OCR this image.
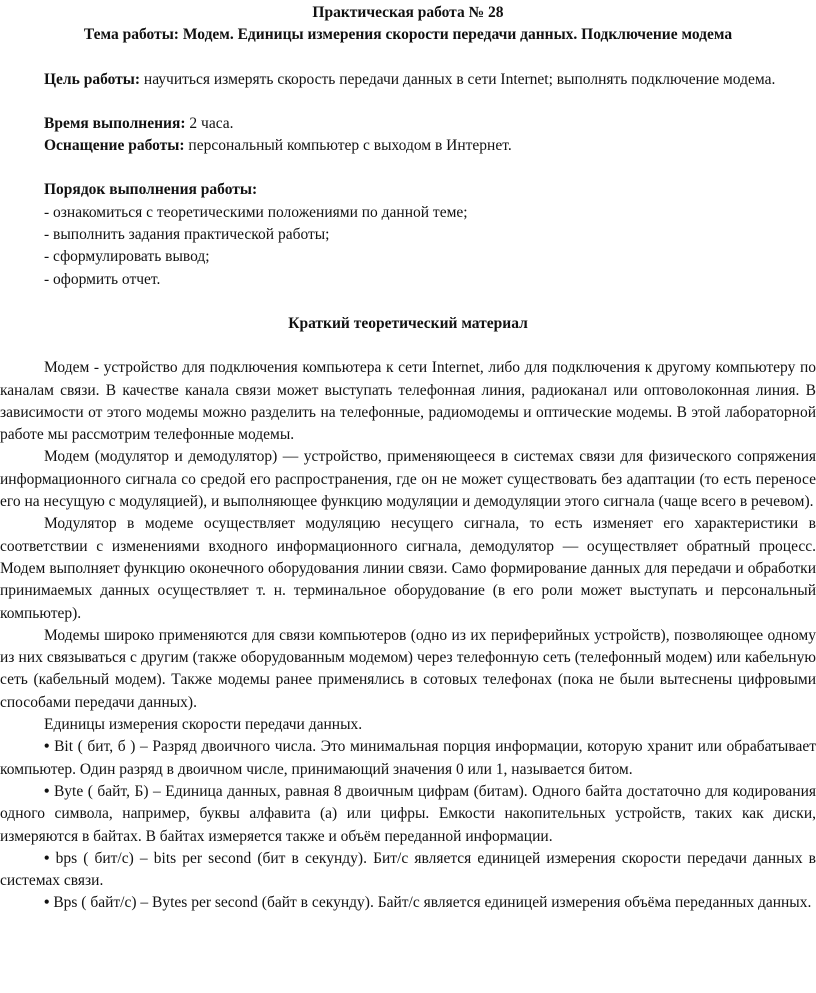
Практическая работа № 28

Тема работы: Модем. Единицы измерения скорости передачи данных. Подключение модема

Цель работы: научиться измерять скорость передачи данных в сети Internet; выполнять подключение модема.

Время выполнения: 2 часа.

Оснащение работы: персональный компьютер с выходом в Интернет.

Порядок выполнения работы:

- ознакомиться с теоретическими положениями по данной теме;
- выполнить задания практической работы;
- сформулировать вывод;
- оформить отчет.

Краткий теоретический материал

Модем - устройство для подключения компьютера к сети Internet, либо для подключения к другому компьютеру по каналам связи. В качестве канала связи может выступать телефонная линия, радиоканал или оптоволоконная линия. В зависимости от этого модемы можно разделить на телефонные, радиомодемы и оптические модемы. В этой лабораторной работе мы рассмотрим телефонные модемы.

Модем (модулятор и демодулятор) — устройство, применяющееся в системах связи для физического сопряжения информационного сигнала со средой его распространения, где он не может существовать без адаптации (то есть переносе его на несущую с модуляцией), и выполняющее функцию модуляции и демодуляции этого сигнала (чаще всего в речевом).

Модулятор в модеме осуществляет модуляцию несущего сигнала, то есть изменяет его характеристики в соответствии с изменениями входного информационного сигнала, демодулятор — осуществляет обратный процесс. Модем выполняет функцию оконечного оборудования линии связи. Само формирование данных для передачи и обработки принимаемых данных осуществляет т. н. терминальное оборудование (в его роли может выступать и персональный компьютер).

Модемы широко применяются для связи компьютеров (одно из их периферийных устройств), позволяющее одному из них связываться с другим (также оборудованным модемом) через телефонную сеть (телефонный модем) или кабельную сеть (кабельный модем). Также модемы ранее применялись в сотовых телефонах (пока не были вытеснены цифровыми способами передачи данных).

Единицы измерения скорости передачи данных.

• Bit ( бит, б ) – Разряд двоичного числа. Это минимальная порция информации, которую хранит или обрабатывает компьютер. Один разряд в двоичном числе, принимающий значения 0 или 1, называется битом.

• Byte ( байт, Б) – Единица данных, равная 8 двоичным цифрам (битам). Одного байта достаточно для кодирования одного символа, например, буквы алфавита (а) или цифры. Емкости накопительных устройств, таких как диски, измеряются в байтах. В байтах измеряется также и объём переданной информации.

• bps ( бит/с) – bits per second (бит в секунду). Бит/с является единицей измерения скорости передачи данных в системах связи.

• Bps ( байт/с) – Bytes per second (байт в секунду). Байт/с является единицей измерения объёма переданных данных.
